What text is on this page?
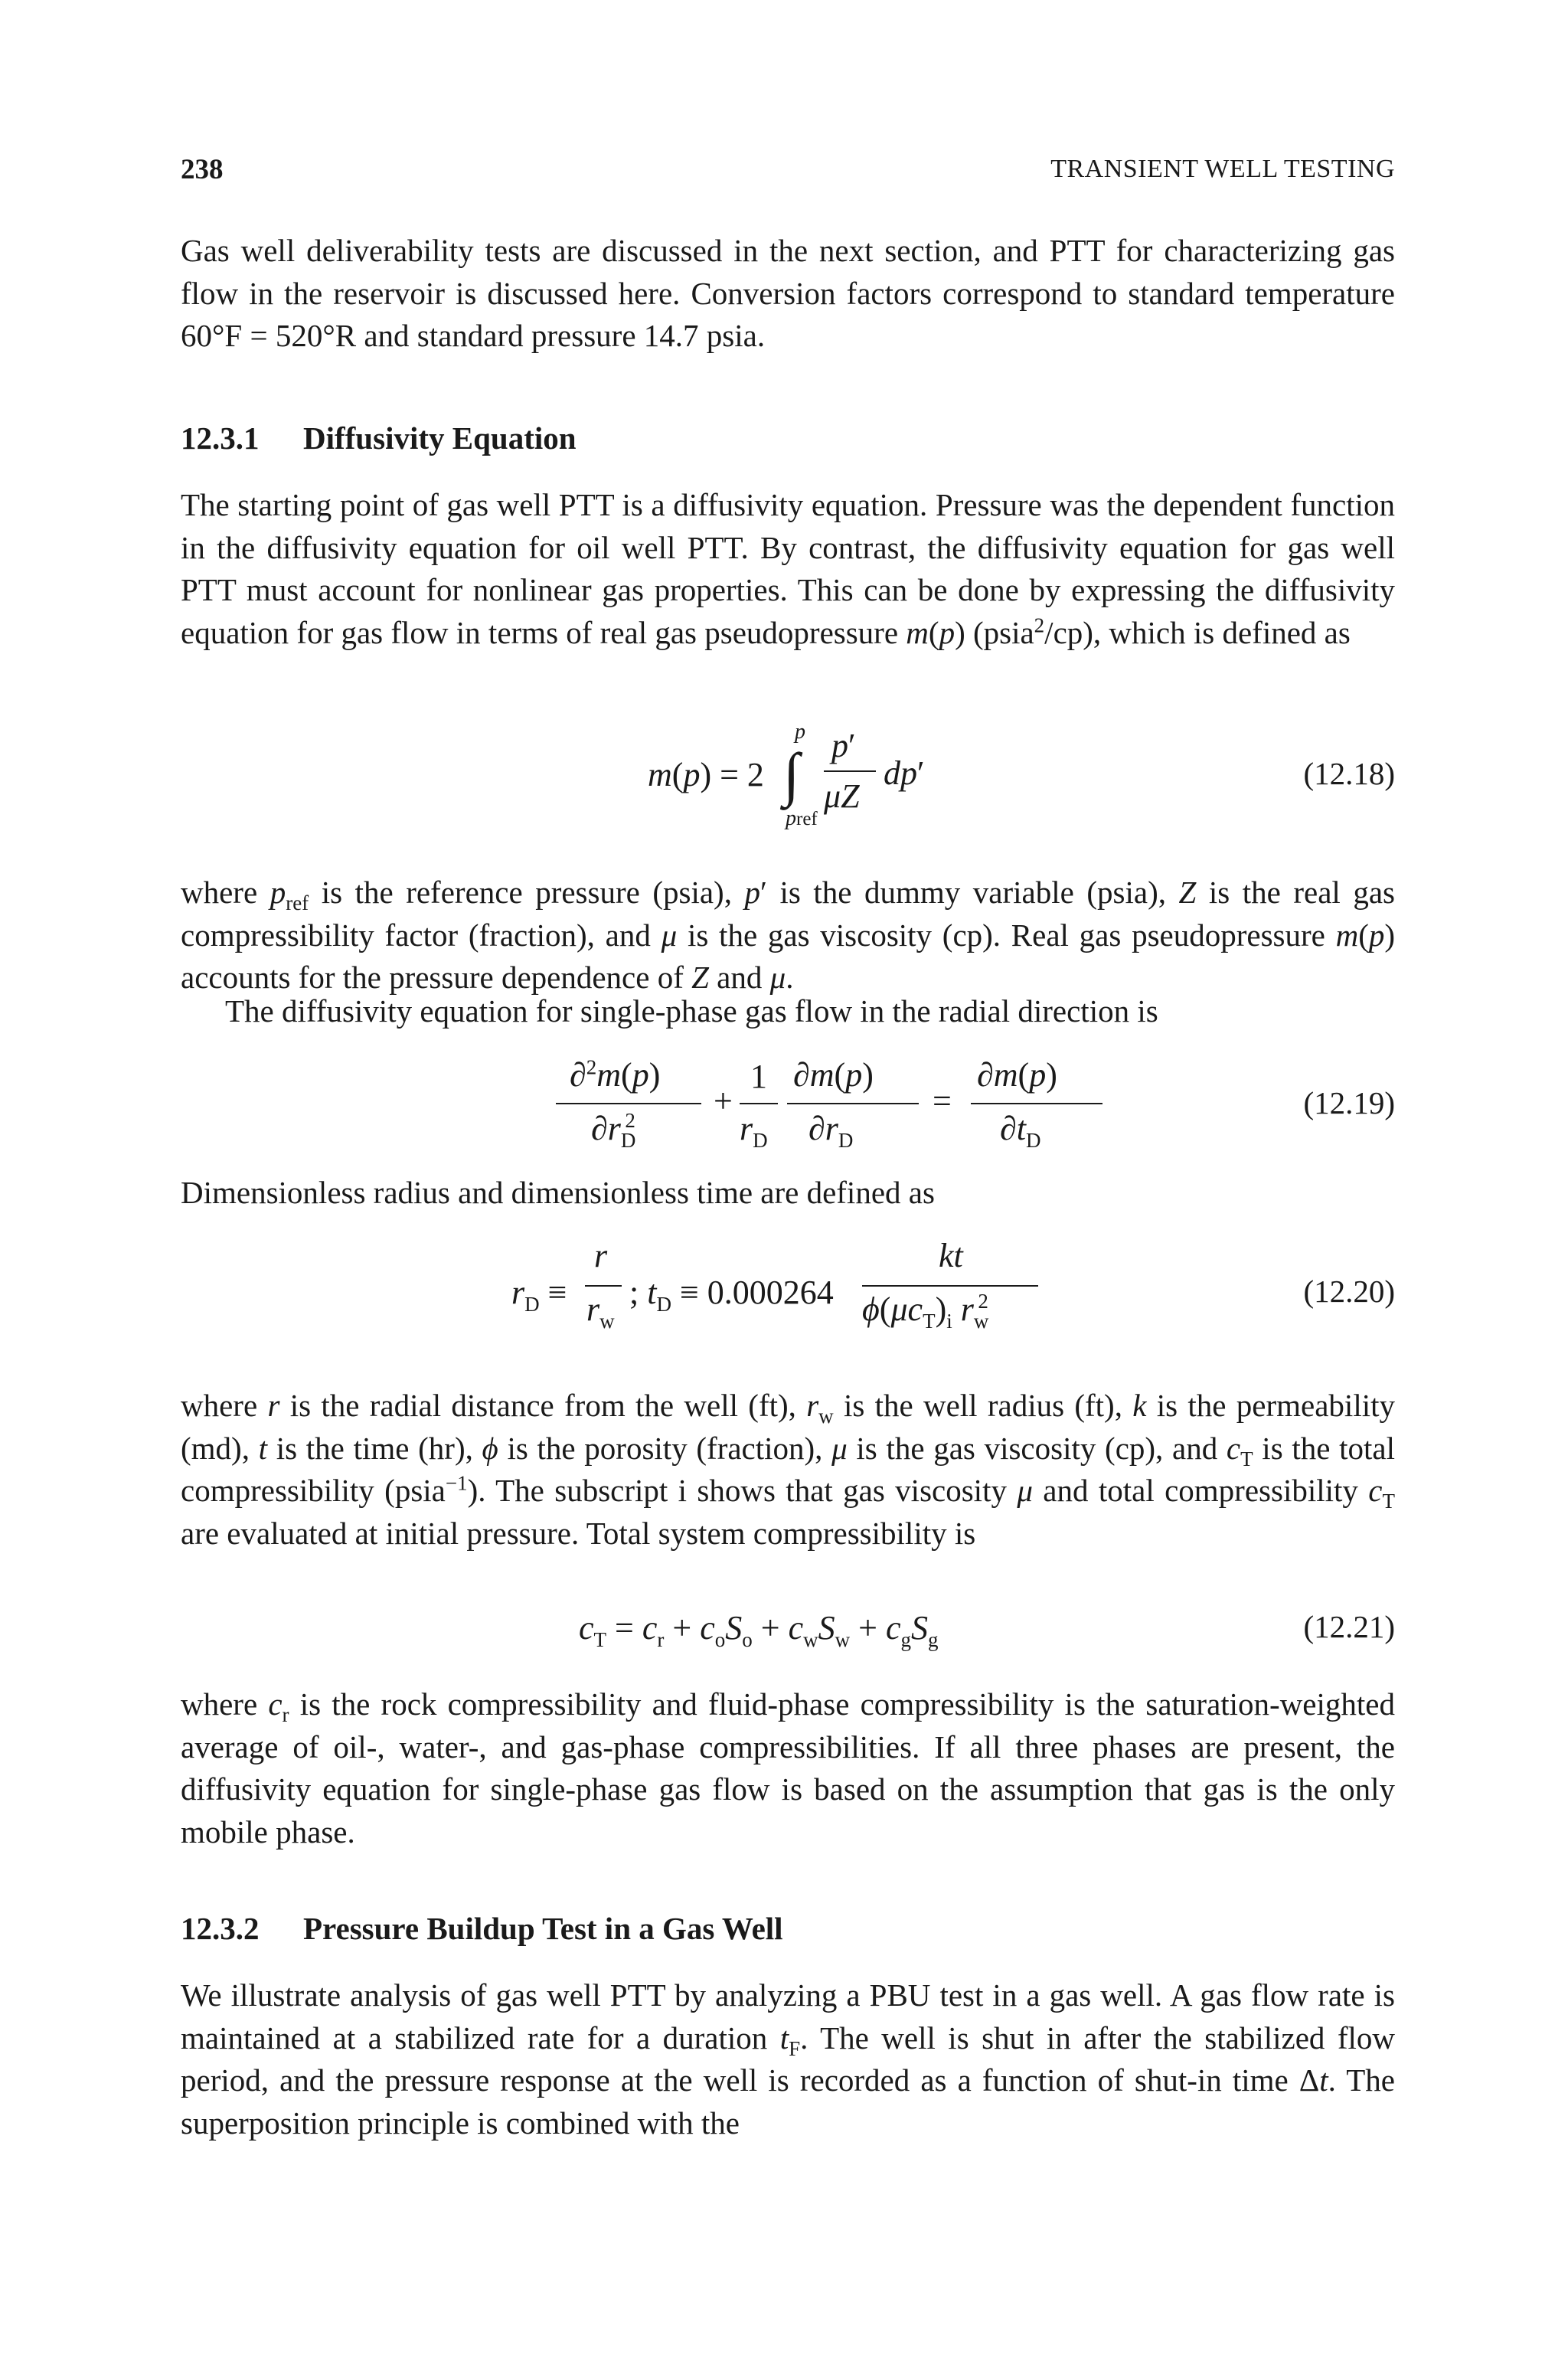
238	TRANSIENT WELL TESTING

Gas well deliverability tests are discussed in the next section, and PTT for characterizing gas flow in the reservoir is discussed here. Conversion factors correspond to standard temperature 60°F = 520°R and standard pressure 14.7 psia.

12.3.1 Diffusivity Equation

The starting point of gas well PTT is a diffusivity equation. Pressure was the dependent function in the diffusivity equation for oil well PTT. By contrast, the diffusivity equation for gas well PTT must account for nonlinear gas properties. This can be done by expressing the diffusivity equation for gas flow in terms of real gas pseudopressure m(p) (psia$^2$/cp), which is defined as

m(p) = 2 ∫
p
pref
p′
μZ
dp′	(12.18)

where $p_{ref}$ is the reference pressure (psia), p′ is the dummy variable (psia), Z is the real gas compressibility factor (fraction), and μ is the gas viscosity (cp). Real gas pseudopressure m(p) accounts for the pressure dependence of Z and μ.

The diffusivity equation for single-phase gas flow in the radial direction is

∂$^2$m(p)
$\partial r_D^2$
+
1
$r_D$
∂m(p)
$\partial r_D$
=
∂m(p)
$\partial t_D$
(12.19)

Dimensionless radius and dimensionless time are defined as

$r_D$ ≡
r
$r_w$
; $t_D \equiv 0.000264$
kt
$\phi(\mu c_T)_i$ $r_w^2$	(12.20)

where r is the radial distance from the well (ft), $r_w$ is the well radius (ft), k is the permeability (md), t is the time (hr), ϕ is the porosity (fraction), μ is the gas viscosity (cp), and $c_T$ is the total compressibility (psia$^{-1}$). The subscript i shows that gas viscosity μ and total compressibility $c_T$ are evaluated at initial pressure. Total system compressibility is

$c_T = c_r + c_oS_o + c_wS_w + c_gS_g$	(12.21)

where $c_r$ is the rock compressibility and fluid-phase compressibility is the saturation-weighted average of oil-, water-, and gas-phase compressibilities. If all three phases are present, the diffusivity equation for single-phase gas flow is based on the assumption that gas is the only mobile phase.

12.3.2 Pressure Buildup Test in a Gas Well

We illustrate analysis of gas well PTT by analyzing a PBU test in a gas well. A gas flow rate is maintained at a stabilized rate for a duration $t_F$. The well is shut in after the stabilized flow period, and the pressure response at the well is recorded as a function of shut-in time Δt. The superposition principle is combined with the
